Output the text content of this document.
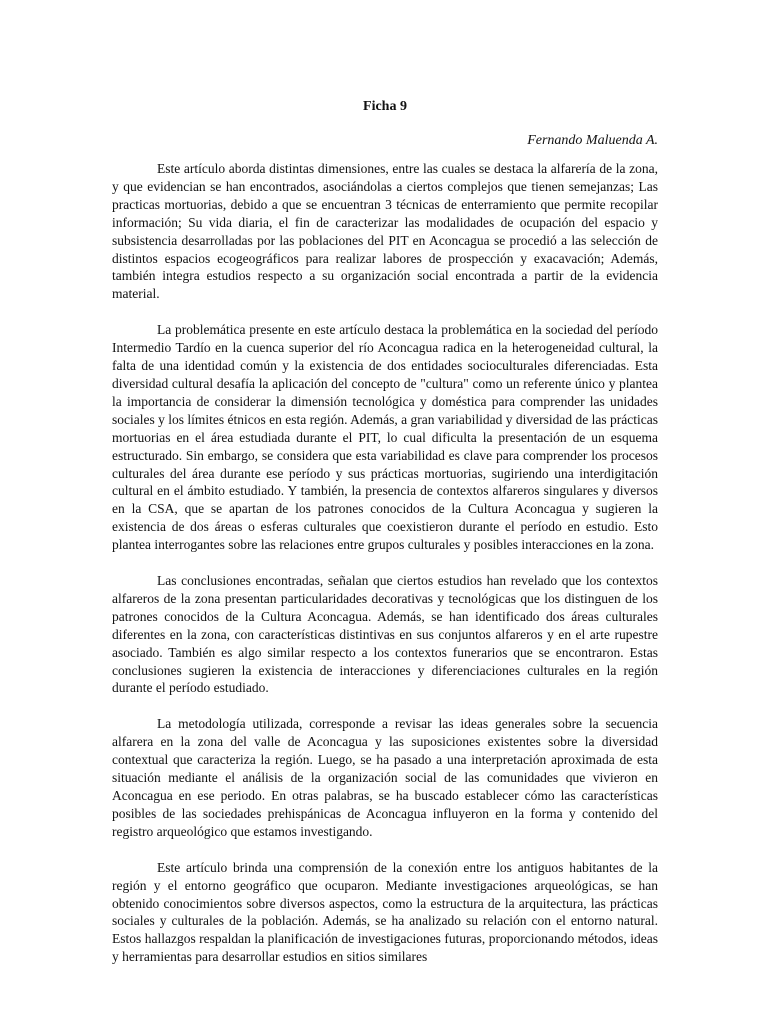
Ficha 9
Fernando Maluenda A.

Este artículo aborda distintas dimensiones, entre las cuales se destaca la alfarería de la zona, y que evidencian se han encontrados, asociándolas a ciertos complejos que tienen semejanzas; Las practicas mortuorias, debido a que se encuentran 3 técnicas de enterramiento que permite recopilar información; Su vida diaria, el fin de caracterizar las modalidades de ocupación del espacio y subsistencia desarrolladas por las poblaciones del PIT en Aconcagua se procedió a las selección de distintos espacios ecogeográficos para realizar labores de prospección y exacavación; Además, también integra estudios respecto a su organización social encontrada a partir de la evidencia material.

La problemática presente en este artículo destaca la problemática en la sociedad del período Intermedio Tardío en la cuenca superior del río Aconcagua radica en la heterogeneidad cultural, la falta de una identidad común y la existencia de dos entidades socioculturales diferenciadas. Esta diversidad cultural desafía la aplicación del concepto de "cultura" como un referente único y plantea la importancia de considerar la dimensión tecnológica y doméstica para comprender las unidades sociales y los límites étnicos en esta región. Además, a gran variabilidad y diversidad de las prácticas mortuorias en el área estudiada durante el PIT, lo cual dificulta la presentación de un esquema estructurado. Sin embargo, se considera que esta variabilidad es clave para comprender los procesos culturales del área durante ese período y sus prácticas mortuorias, sugiriendo una interdigitación cultural en el ámbito estudiado. Y también, la presencia de contextos alfareros singulares y diversos en la CSA, que se apartan de los patrones conocidos de la Cultura Aconcagua y sugieren la existencia de dos áreas o esferas culturales que coexistieron durante el período en estudio. Esto plantea interrogantes sobre las relaciones entre grupos culturales y posibles interacciones en la zona.

Las conclusiones encontradas, señalan que ciertos estudios han revelado que los contextos alfareros de la zona presentan particularidades decorativas y tecnológicas que los distinguen de los patrones conocidos de la Cultura Aconcagua. Además, se han identificado dos áreas culturales diferentes en la zona, con características distintivas en sus conjuntos alfareros y en el arte rupestre asociado. También es algo similar respecto a los contextos funerarios que se encontraron. Estas conclusiones sugieren la existencia de interacciones y diferenciaciones culturales en la región durante el período estudiado.

La metodología utilizada, corresponde a revisar las ideas generales sobre la secuencia alfarera en la zona del valle de Aconcagua y las suposiciones existentes sobre la diversidad contextual que caracteriza la región. Luego, se ha pasado a una interpretación aproximada de esta situación mediante el análisis de la organización social de las comunidades que vivieron en Aconcagua en ese periodo. En otras palabras, se ha buscado establecer cómo las características posibles de las sociedades prehispánicas de Aconcagua influyeron en la forma y contenido del registro arqueológico que estamos investigando.

Este artículo brinda una comprensión de la conexión entre los antiguos habitantes de la región y el entorno geográfico que ocuparon. Mediante investigaciones arqueológicas, se han obtenido conocimientos sobre diversos aspectos, como la estructura de la arquitectura, las prácticas sociales y culturales de la población. Además, se ha analizado su relación con el entorno natural. Estos hallazgos respaldan la planificación de investigaciones futuras, proporcionando métodos, ideas y herramientas para desarrollar estudios en sitios similares
